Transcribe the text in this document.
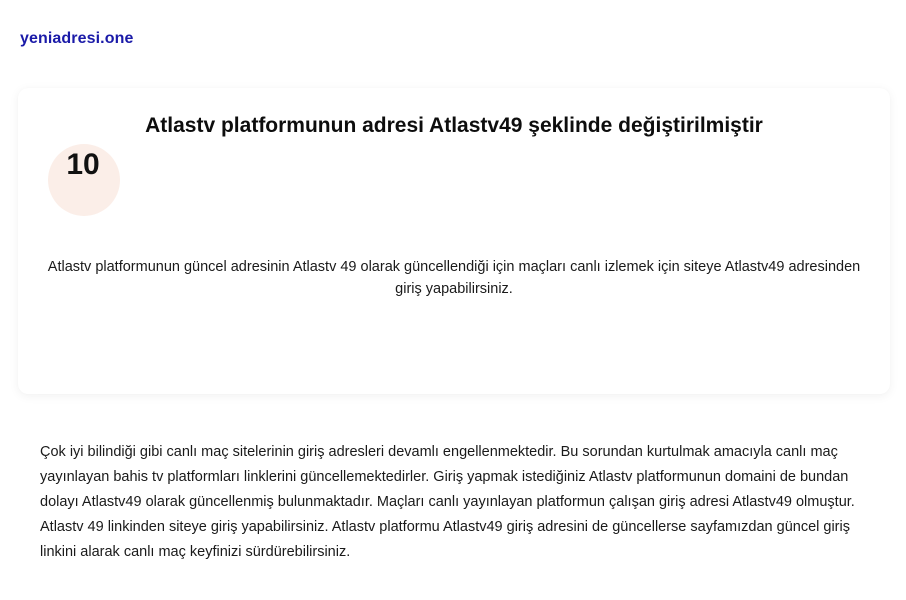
yeniadresi.one
Atlastv platformunun adresi Atlastv49 şeklinde değiştirilmiştir
10

Atlastv platformunun güncel adresinin Atlastv 49 olarak güncellendiği için maçları canlı izlemek için siteye Atlastv49 adresinden giriş yapabilirsiniz.

Çok iyi bilindiği gibi canlı maç sitelerinin giriş adresleri devamlı engellenmektedir. Bu sorundan kurtulmak amacıyla canlı maç yayınlayan bahis tv platformları linklerini güncellemektedirler. Giriş yapmak istediğiniz Atlastv platformunun domaini de bundan dolayı Atlastv49 olarak güncellenmiş bulunmaktadır. Maçları canlı yayınlayan platformun çalışan giriş adresi Atlastv49 olmuştur. Atlastv 49 linkinden siteye giriş yapabilirsiniz. Atlastv platformu Atlastv49 giriş adresini de güncellerse sayfamızdan güncel giriş linkini alarak canlı maç keyfinizi sürdürebilirsiniz.
